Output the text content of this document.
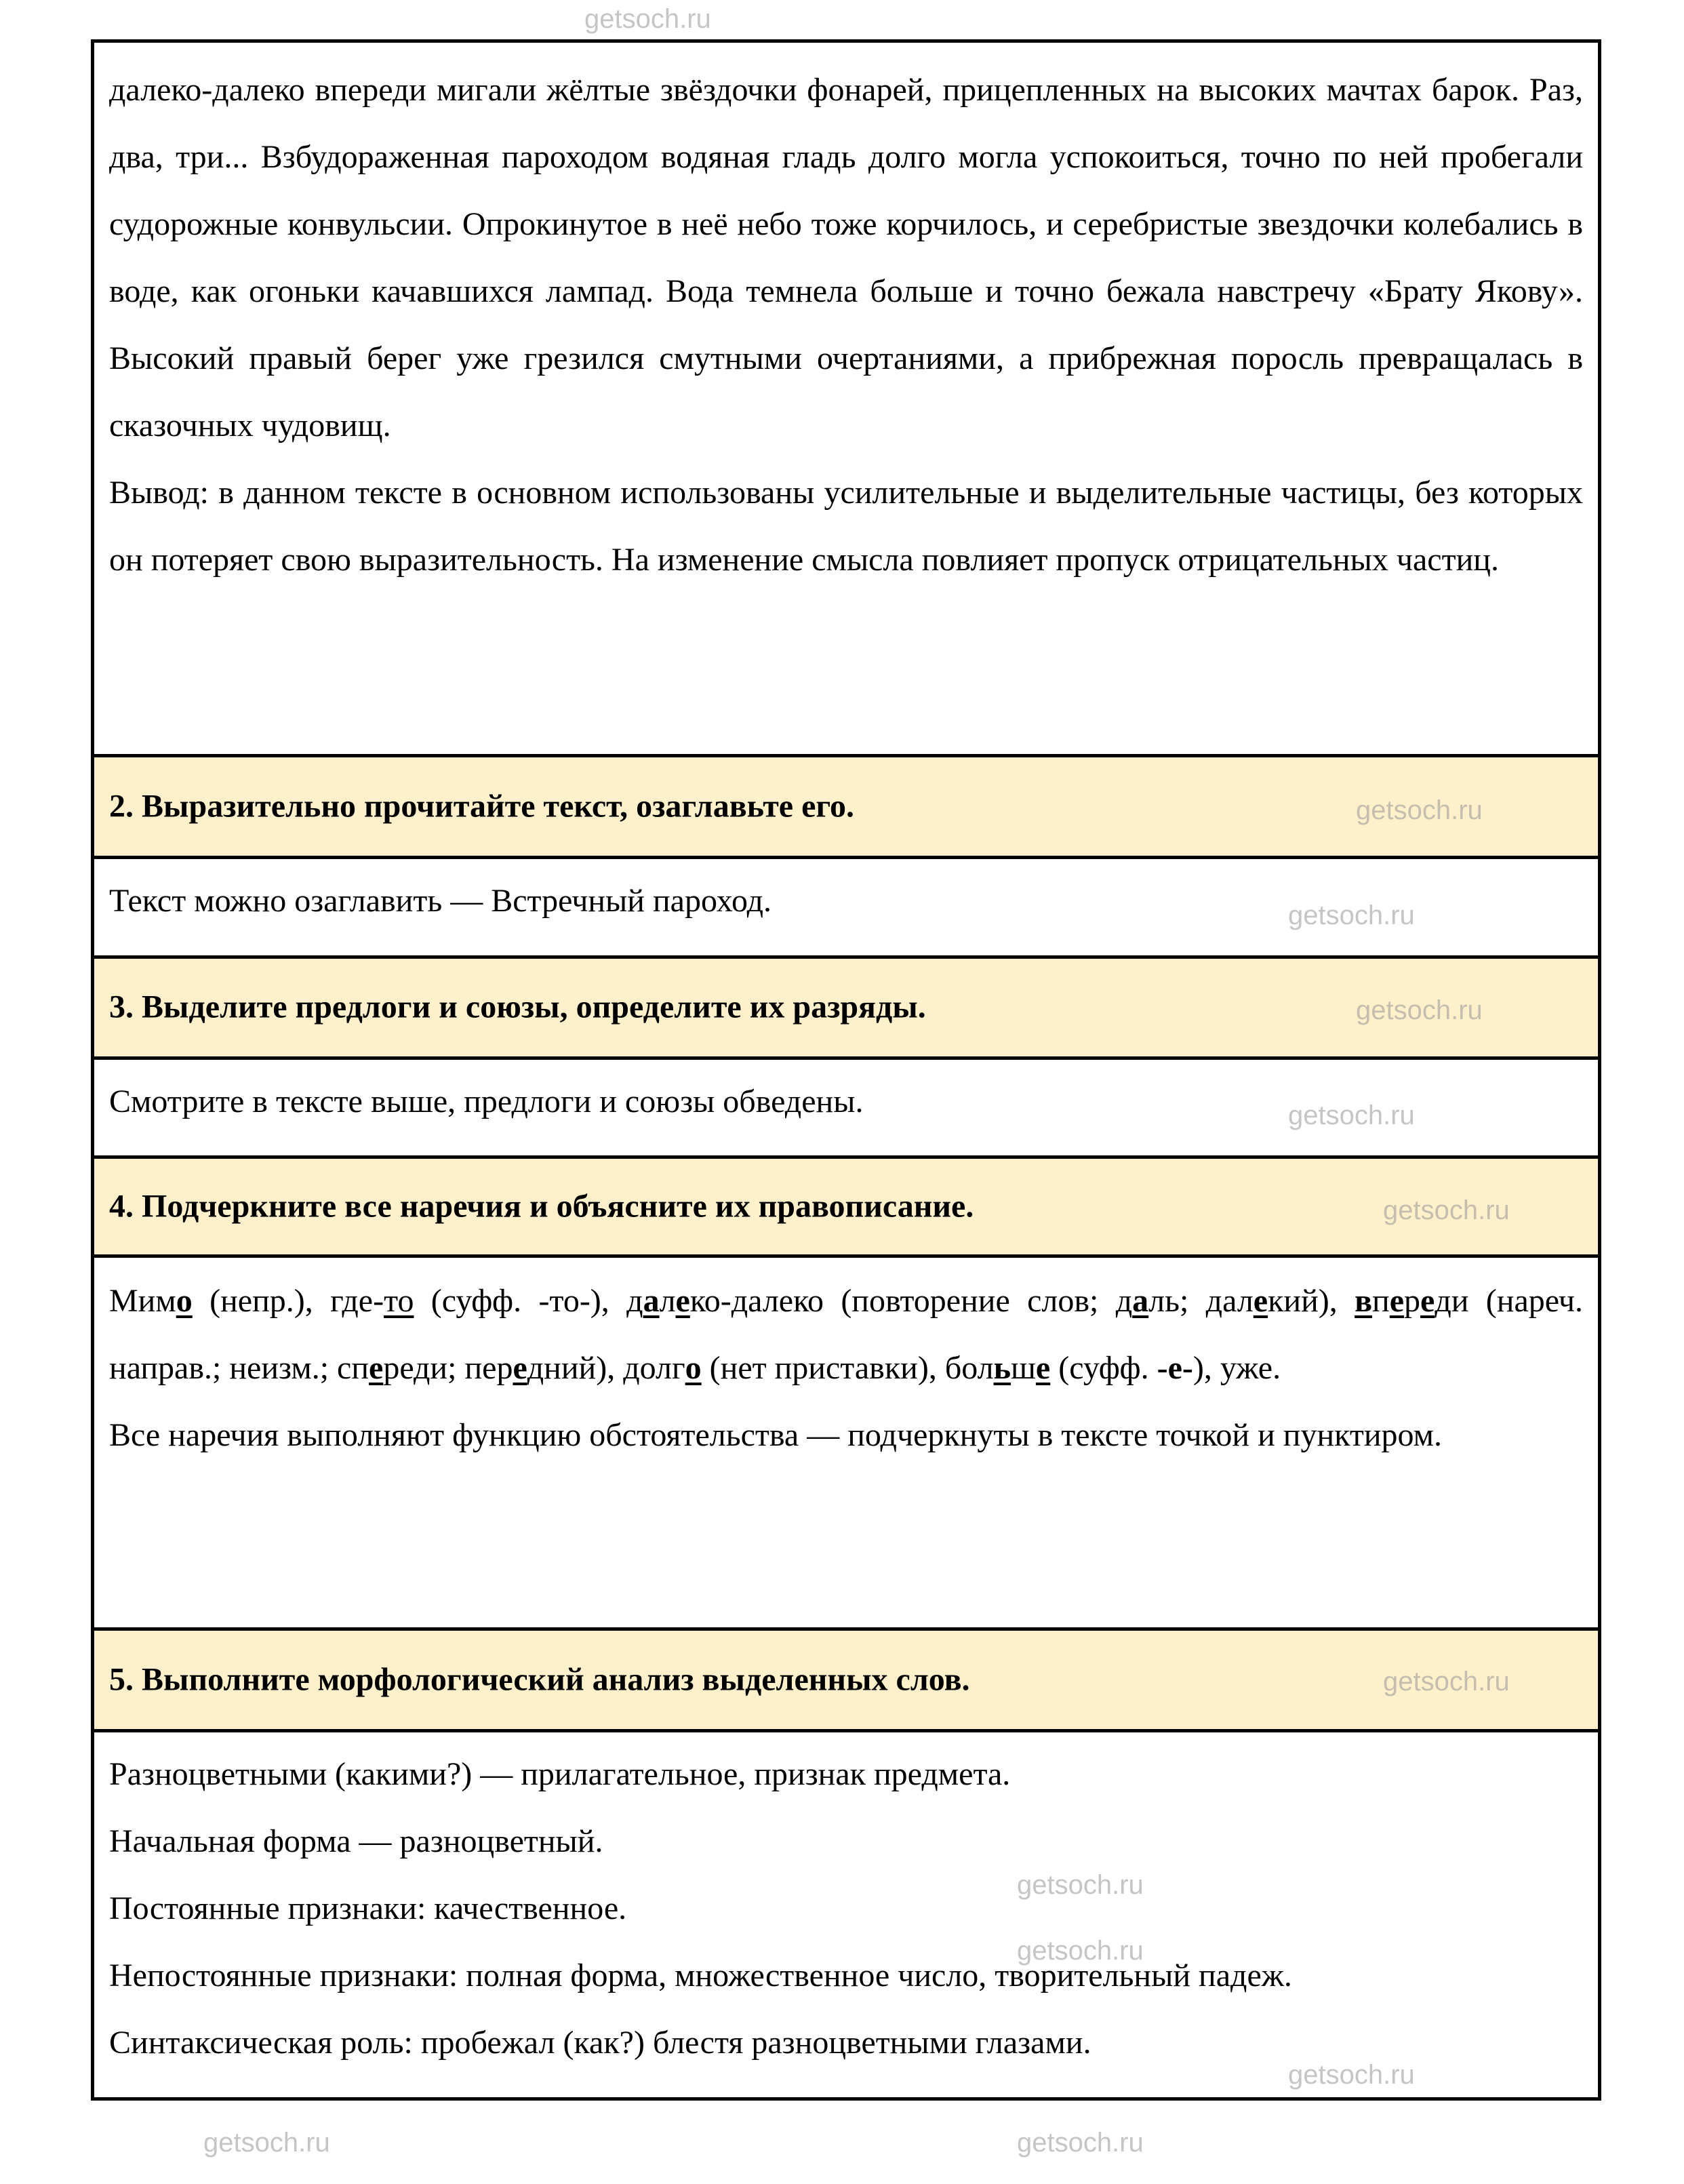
далеко-далеко впереди мигали жёлтые звёздочки фонарей, прицепленных на высоких мачтах барок. Раз, два, три... Взбудораженная пароходом водяная гладь долго могла успокоиться, точно по ней пробегали судорожные конвульсии. Опрокинутое в неё небо тоже корчилось, и серебристые звездочки колебались в воде, как огоньки качавшихся лампад. Вода темнела больше и точно бежала навстречу «Брату Якову». Высокий правый берег уже грезился смутными очертаниями, а прибрежная поросль превращалась в сказочных чудовищ.

Вывод: в данном тексте в основном использованы усилительные и выделительные частицы, без которых он потеряет свою выразительность. На изменение смысла повлияет пропуск отрицательных частиц.

2. Выразительно прочитайте текст, озаглавьте его.
Текст можно озаглавить — Встречный пароход.
3. Выделите предлоги и союзы, определите их разряды.
Смотрите в тексте выше, предлоги и союзы обведены.
4. Подчеркните все наречия и объясните их правописание.

Мимо (непр.), где-то (суфф. -то-), далеко-далеко (повторение слов; даль; далекий), впереди (нареч. направ.; неизм.; спереди; передний), долго (нет приставки), больше (суфф. -е-), уже.

Все наречия выполняют функцию обстоятельства — подчеркнуты в тексте точкой и пунктиром.

5. Выполните морфологический анализ выделенных слов.

Разноцветными (какими?) — прилагательное, признак предмета.

Начальная форма — разноцветный.

Постоянные признаки: качественное.

Непостоянные признаки: полная форма, множественное число, творительный падеж.

Синтаксическая роль: пробежал (как?) блестя разноцветными глазами.

getsoch.ru
getsoch.ru
getsoch.ru
getsoch.ru
getsoch.ru
getsoch.ru
getsoch.ru
getsoch.ru
getsoch.ru
getsoch.ru
getsoch.ru	getsoch.ru
